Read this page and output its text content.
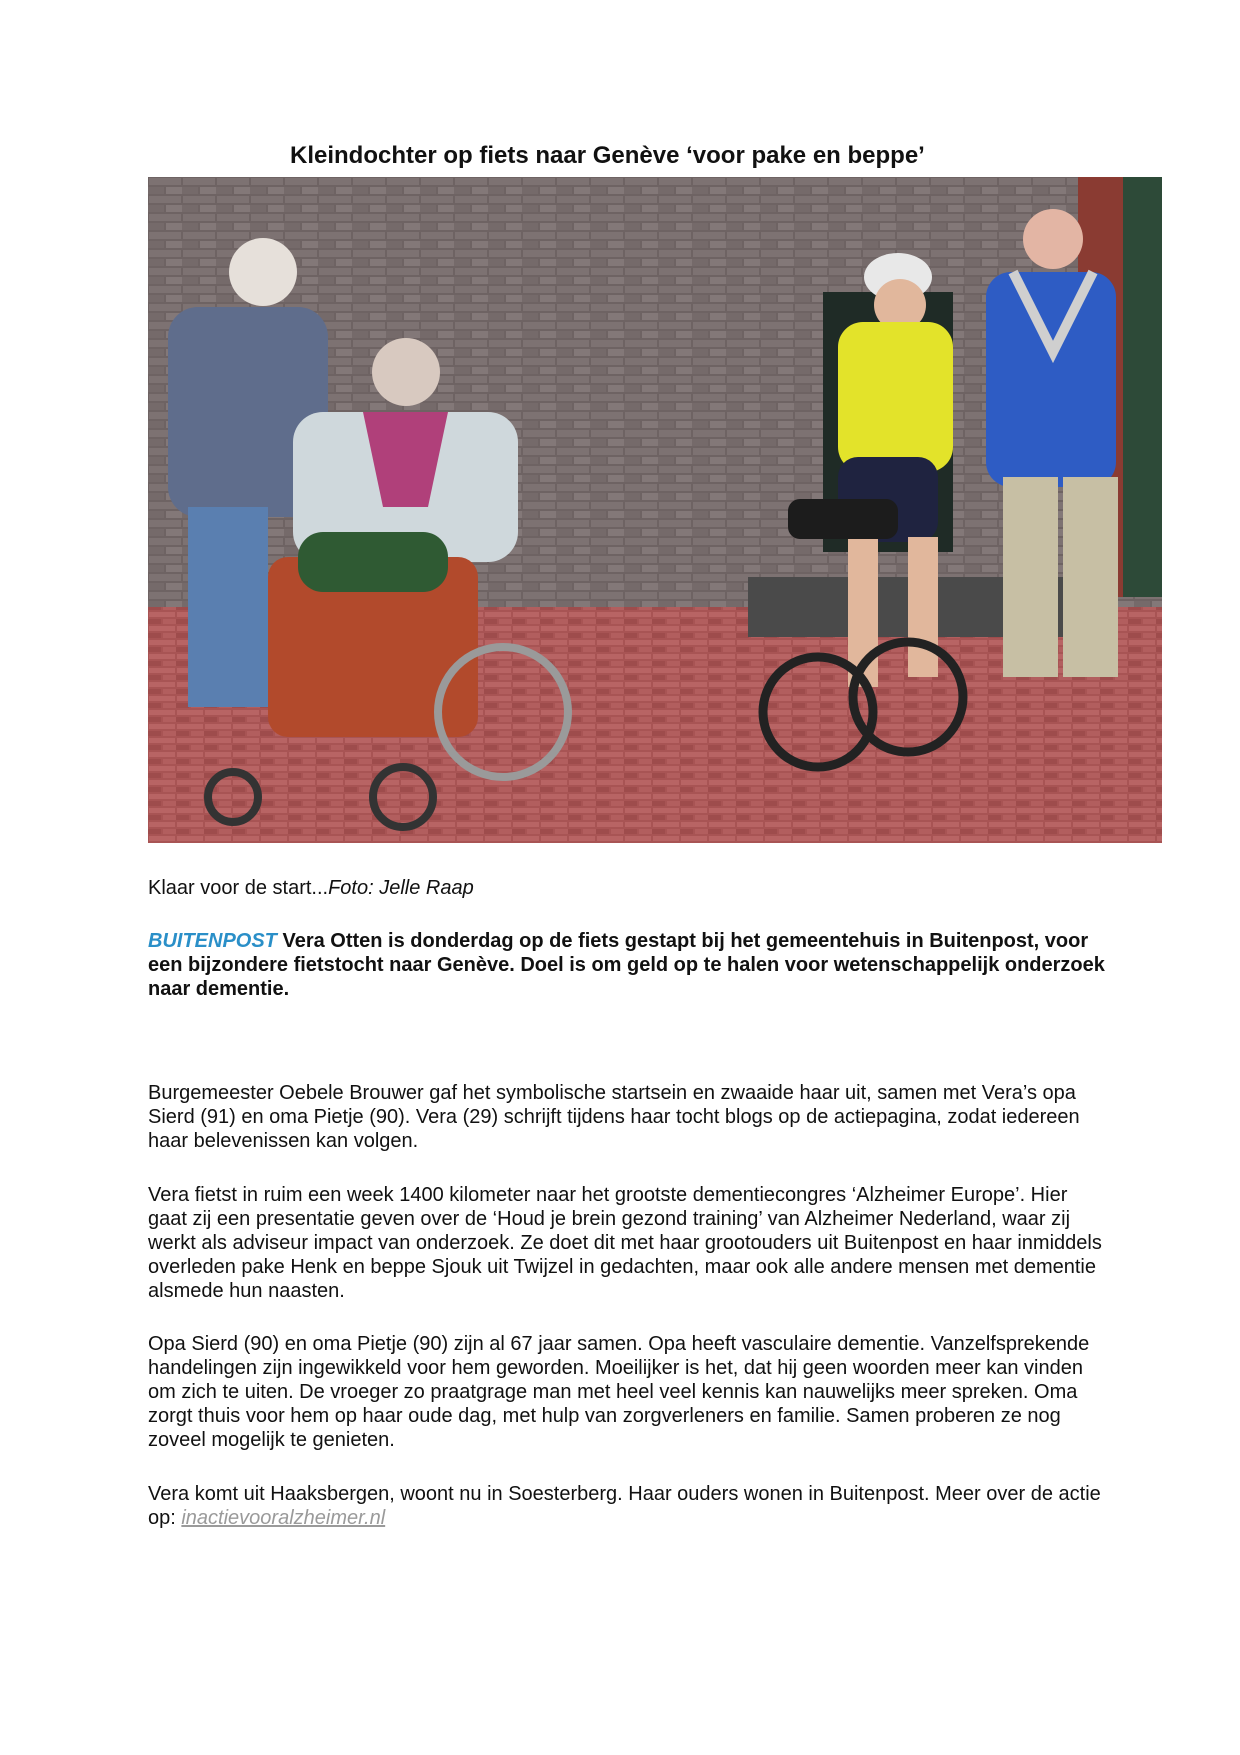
Kleindochter op fiets naar Genève ‘voor pake en beppe’

Klaar voor de start...Foto: Jelle Raap

BUITENPOST Vera Otten is donderdag op de fiets gestapt bij het gemeentehuis in Buitenpost, voor een bijzondere fietstocht naar Genève. Doel is om geld op te halen voor wetenschappelijk onderzoek naar dementie.

Burgemeester Oebele Brouwer gaf het symbolische startsein en zwaaide haar uit, samen met Vera’s opa Sierd (91) en oma Pietje (90). Vera (29) schrijft tijdens haar tocht blogs op de actiepagina, zodat iedereen haar belevenissen kan volgen.

Vera fietst in ruim een week 1400 kilometer naar het grootste dementiecongres ‘Alzheimer Europe’. Hier gaat zij een presentatie geven over de ‘Houd je brein gezond training’ van Alzheimer Nederland, waar zij werkt als adviseur impact van onderzoek. Ze doet dit met haar grootouders uit Buitenpost en haar inmiddels overleden pake Henk en beppe Sjouk uit Twijzel in gedachten, maar ook alle andere mensen met dementie alsmede hun naasten.

Opa Sierd (90) en oma Pietje (90) zijn al 67 jaar samen. Opa heeft vasculaire dementie. Vanzelfsprekende handelingen zijn ingewikkeld voor hem geworden. Moeilijker is het, dat hij geen woorden meer kan vinden om zich te uiten. De vroeger zo praatgrage man met heel veel kennis kan nauwelijks meer spreken. Oma zorgt thuis voor hem op haar oude dag, met hulp van zorgverleners en familie. Samen proberen ze nog zoveel mogelijk te genieten.

Vera komt uit Haaksbergen, woont nu in Soesterberg. Haar ouders wonen in Buitenpost. Meer over de actie op: inactievooralzheimer.nl
